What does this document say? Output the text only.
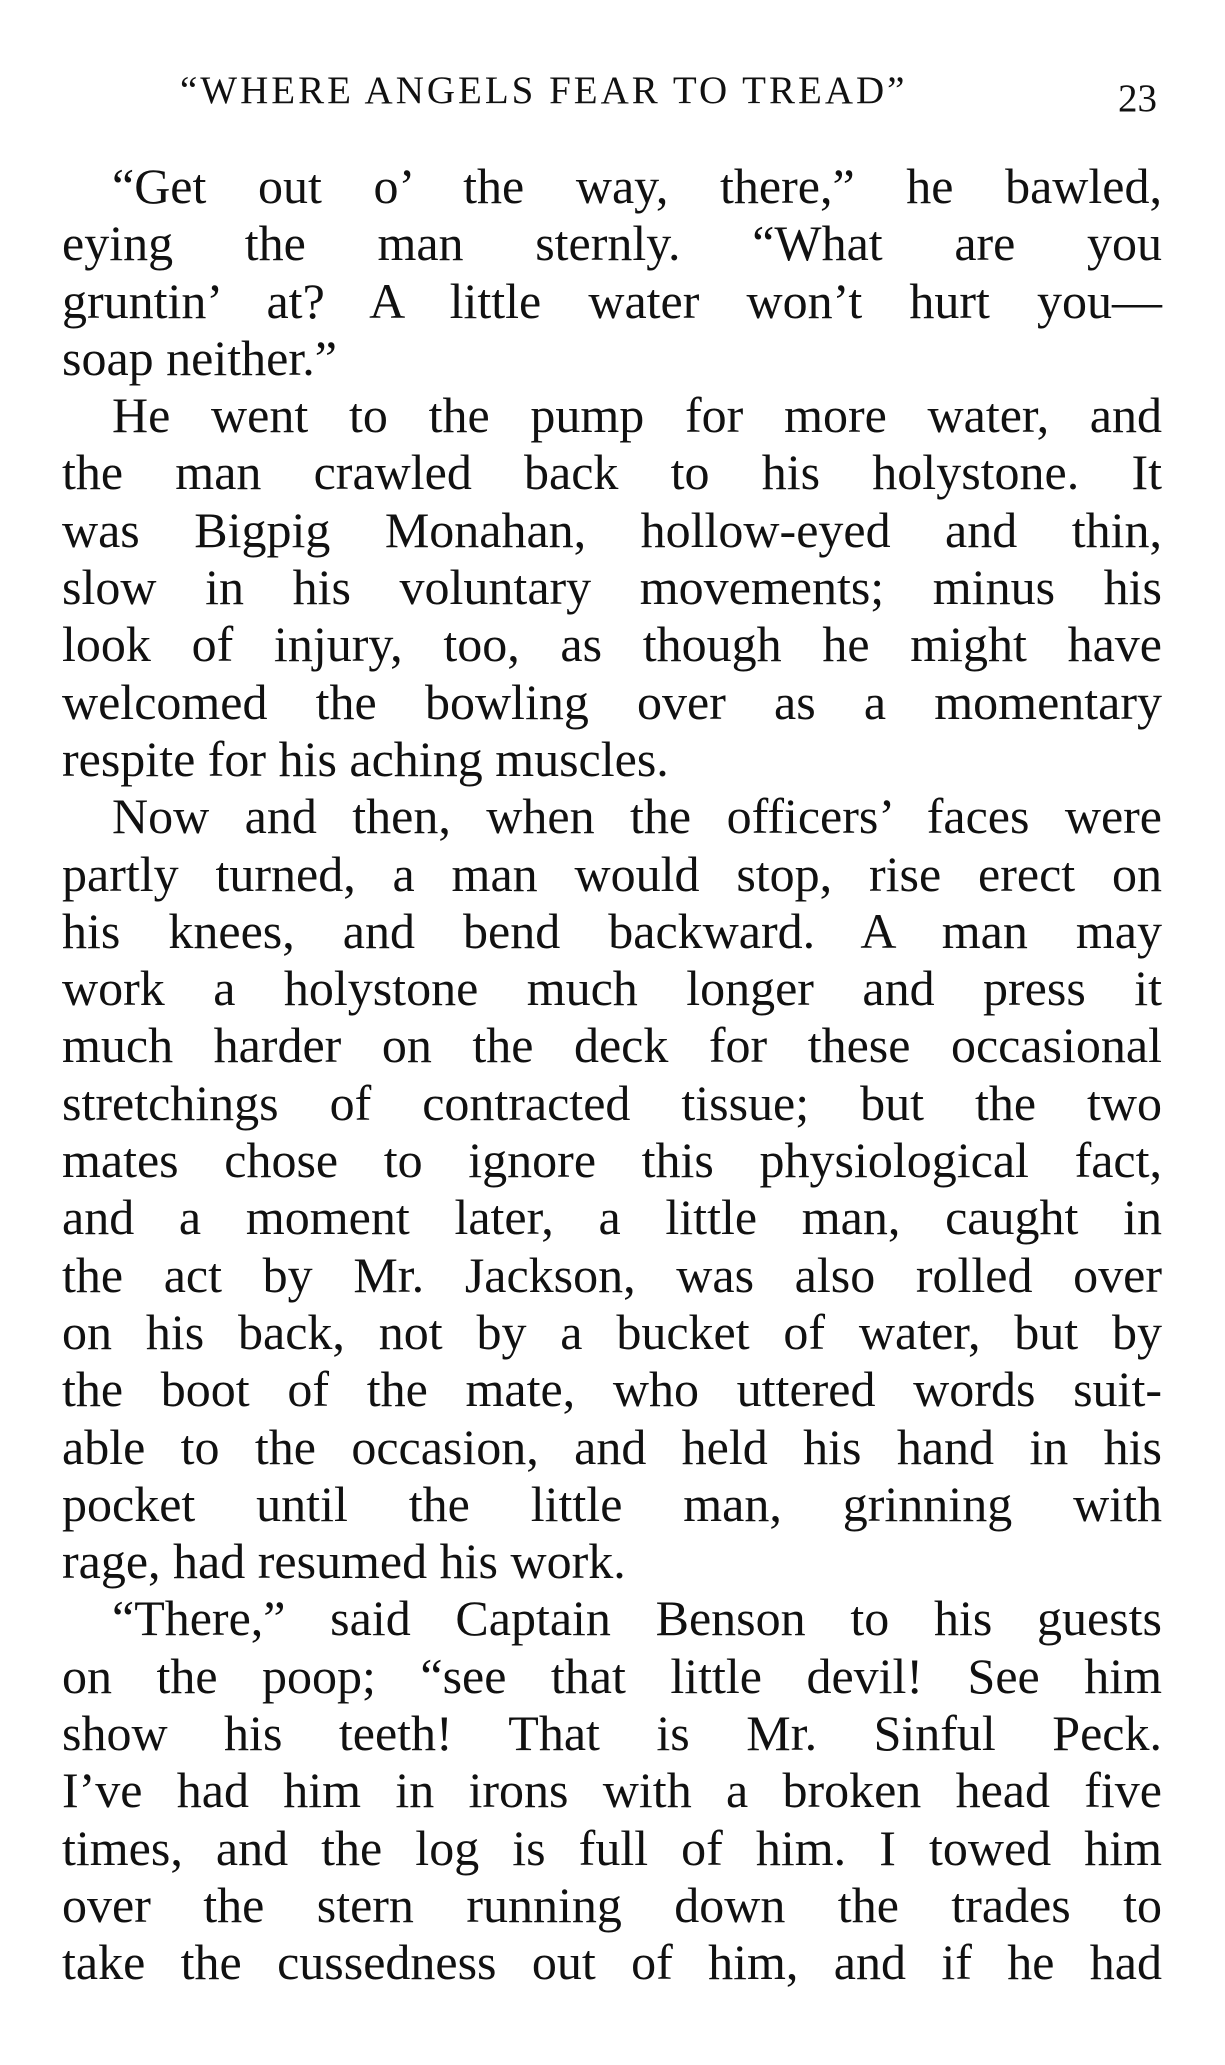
“WHERE ANGELS FEAR TO TREAD”	23
“Get out o’ the way, there,” he bawled,
eying the man sternly. “What are you
gruntin’ at? A little water won’t hurt you—
soap neither.”
He went to the pump for more water, and
the man crawled back to his holystone. It
was Bigpig Monahan, hollow-eyed and thin,
slow in his voluntary movements; minus his
look of injury, too, as though he might have
welcomed the bowling over as a momentary
respite for his aching muscles.
Now and then, when the officers’ faces were
partly turned, a man would stop, rise erect on
his knees, and bend backward. A man may
work a holystone much longer and press it
much harder on the deck for these occasional
stretchings of contracted tissue; but the two
mates chose to ignore this physiological fact,
and a moment later, a little man, caught in
the act by Mr. Jackson, was also rolled over
on his back, not by a bucket of water, but by
the boot of the mate, who uttered words suit-
able to the occasion, and held his hand in his
pocket until the little man, grinning with
rage, had resumed his work.
“There,” said Captain Benson to his guests
on the poop; “see that little devil! See him
show his teeth! That is Mr. Sinful Peck.
I’ve had him in irons with a broken head five
times, and the log is full of him. I towed him
over the stern running down the trades to
take the cussedness out of him, and if he had
